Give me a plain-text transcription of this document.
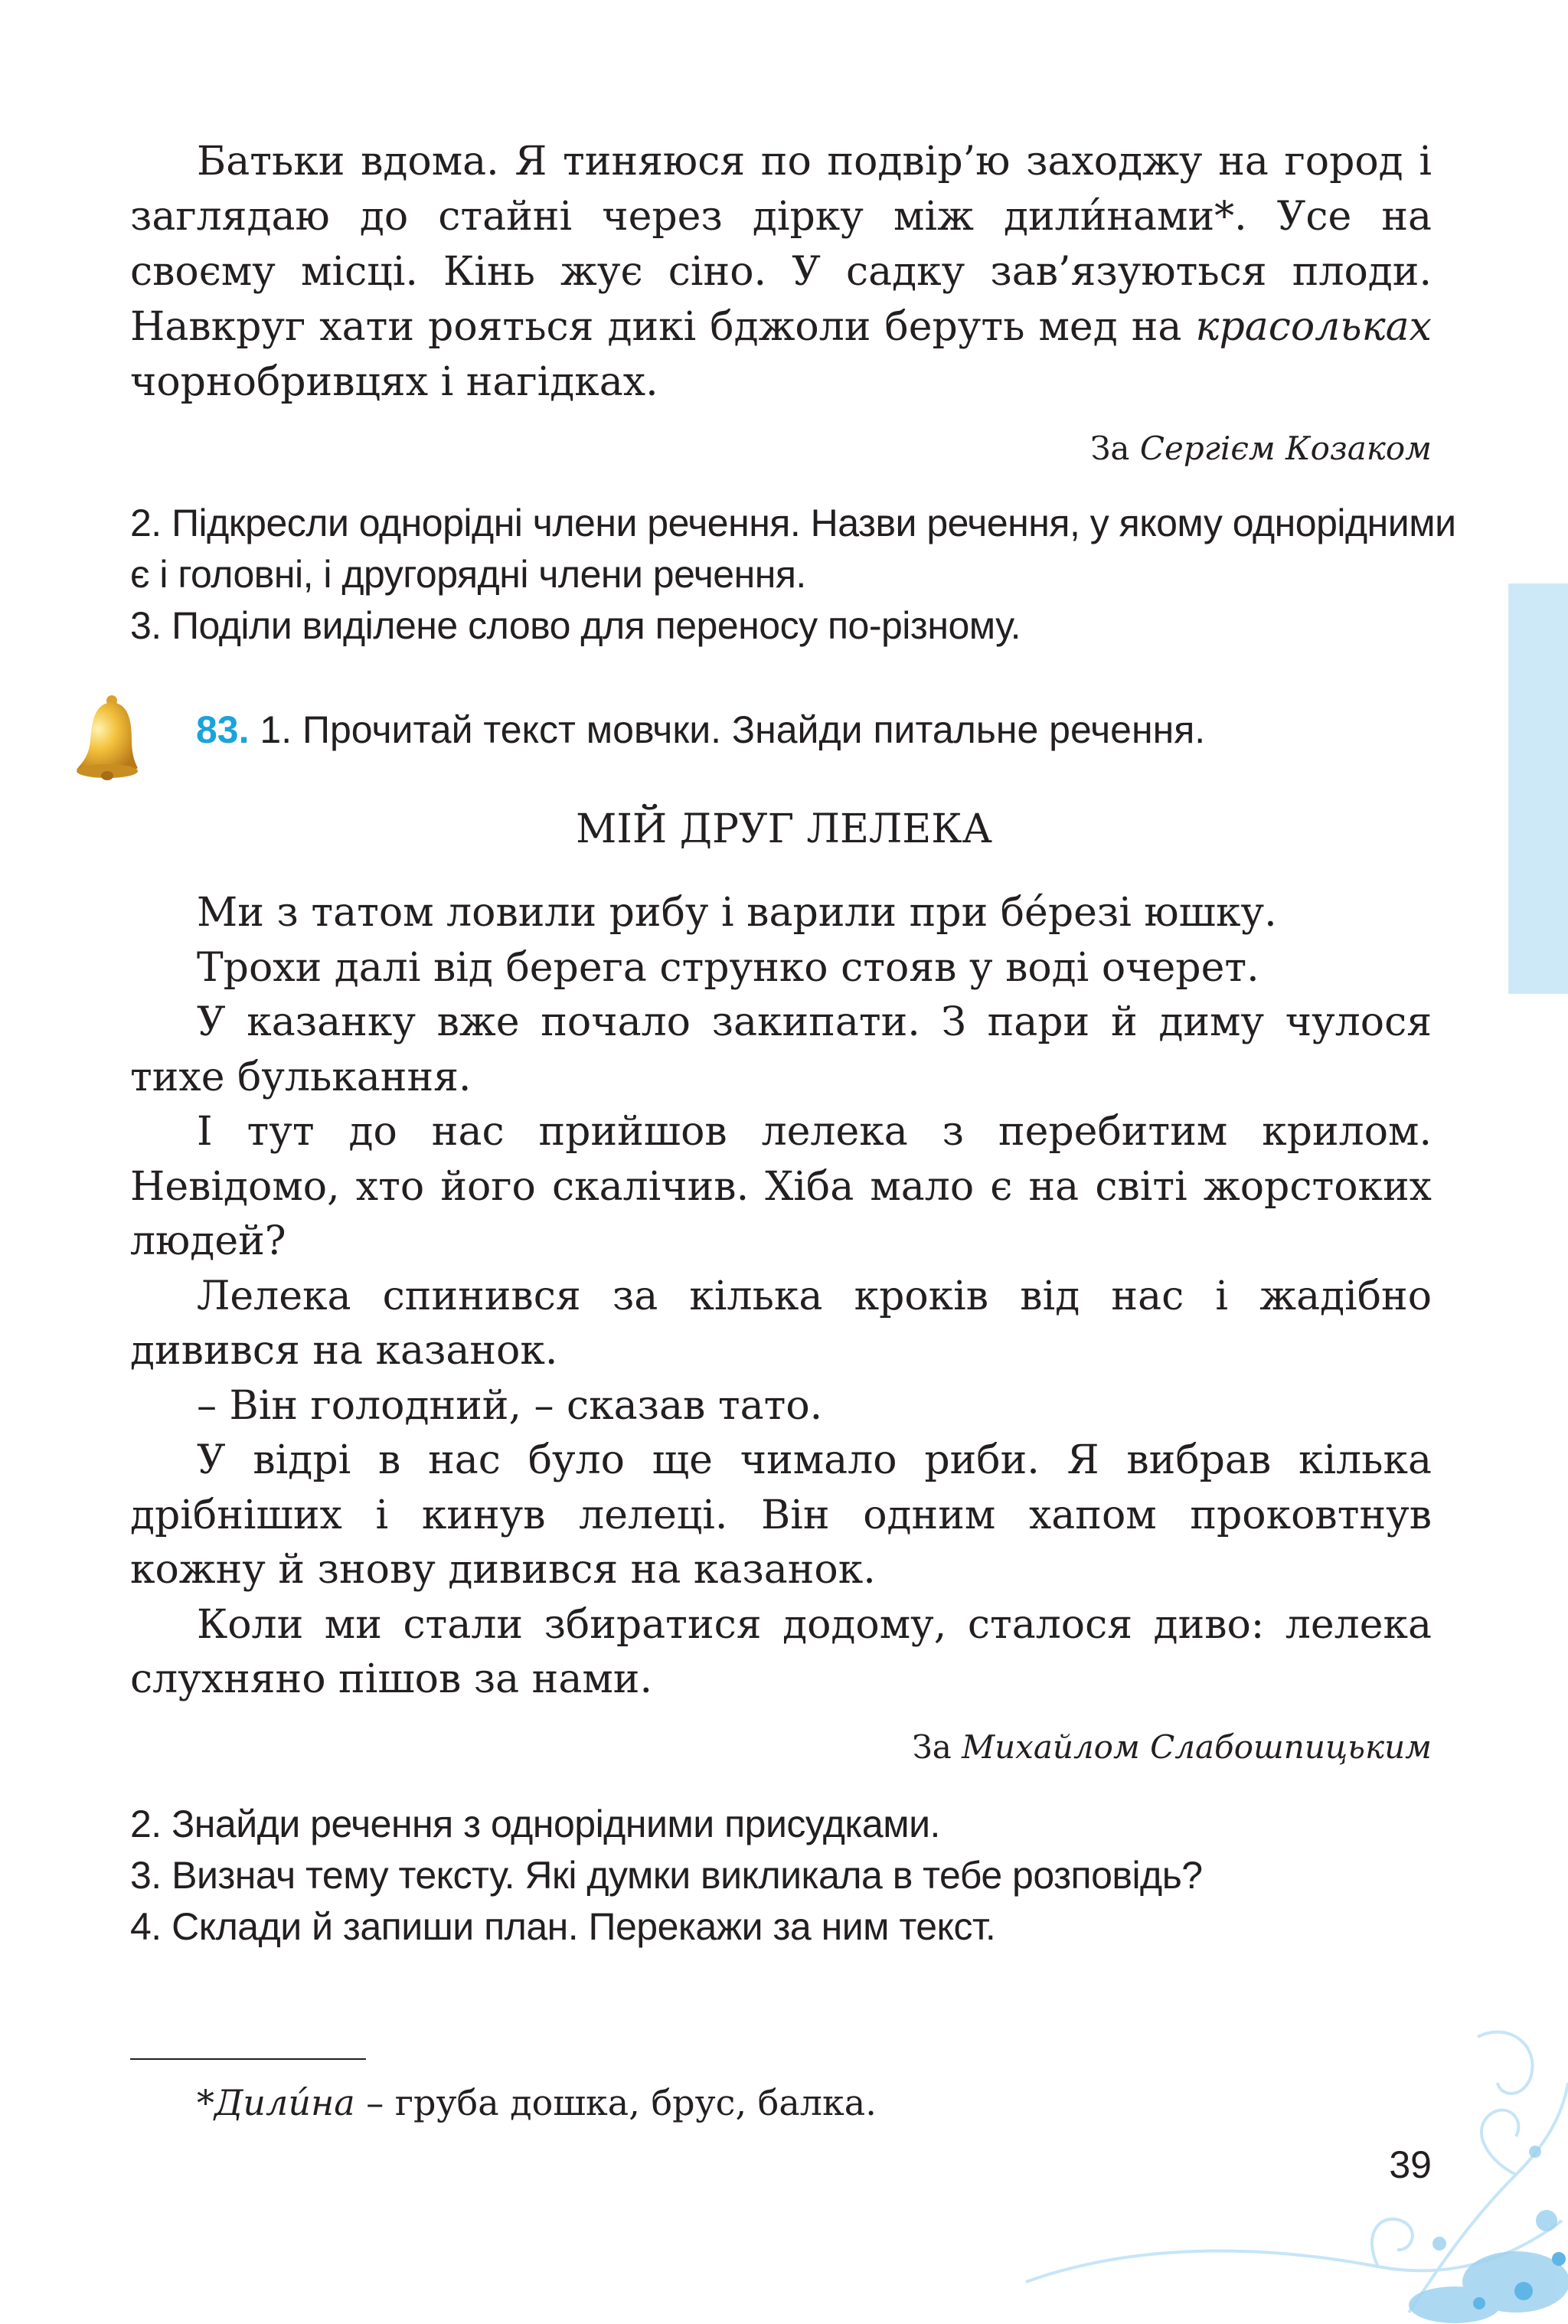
Батьки вдома. Я тиняюся по подвір’ю заходжу на город і заглядаю до стайні через дірку між дили́нами*. Усе на своєму місці. Кінь жує сіно. У садку зав’язуються плоди. Навкруг хати рояться дикі бджоли беруть мед на красольках чорнобривцях і нагідках.
За Сергієм Козаком
2. Підкресли однорідні члени речення. Назви речення, у якому однорідними є і головні, і другорядні члени речення.
3. Поділи виділене слово для переносу по-різному.
83. 1. Прочитай текст мовчки. Знайди питальне речення.
МІЙ ДРУГ ЛЕЛЕКА

Ми з татом ловили рибу і варили при бе́резі юшку.

Трохи далі від берега струнко стояв у воді очерет.

У казанку вже почало закипати. З пари й диму чулося тихе булькання.

І тут до нас прийшов лелека з перебитим крилом. Невідомо, хто його скалічив. Хіба мало є на світі жорстоких людей?

Лелека спинився за кілька кроків від нас і жадібно дивився на казанок.

– Він голодний, – сказав тато.

У відрі в нас було ще чимало риби. Я вибрав кілька дрібніших і кинув лелеці. Він одним хапом проковтнув кожну й знову дивився на казанок.

Коли ми стали збиратися додому, сталося диво: лелека слухняно пішов за нами.

За Михайлом Слабошпицьким
2. Знайди речення з однорідними присудками.
3. Визнач тему тексту. Які думки викликала в тебе розповідь?
4. Склади й запиши план. Перекажи за ним текст.
*Дили́на – груба дошка, брус, балка.
39
